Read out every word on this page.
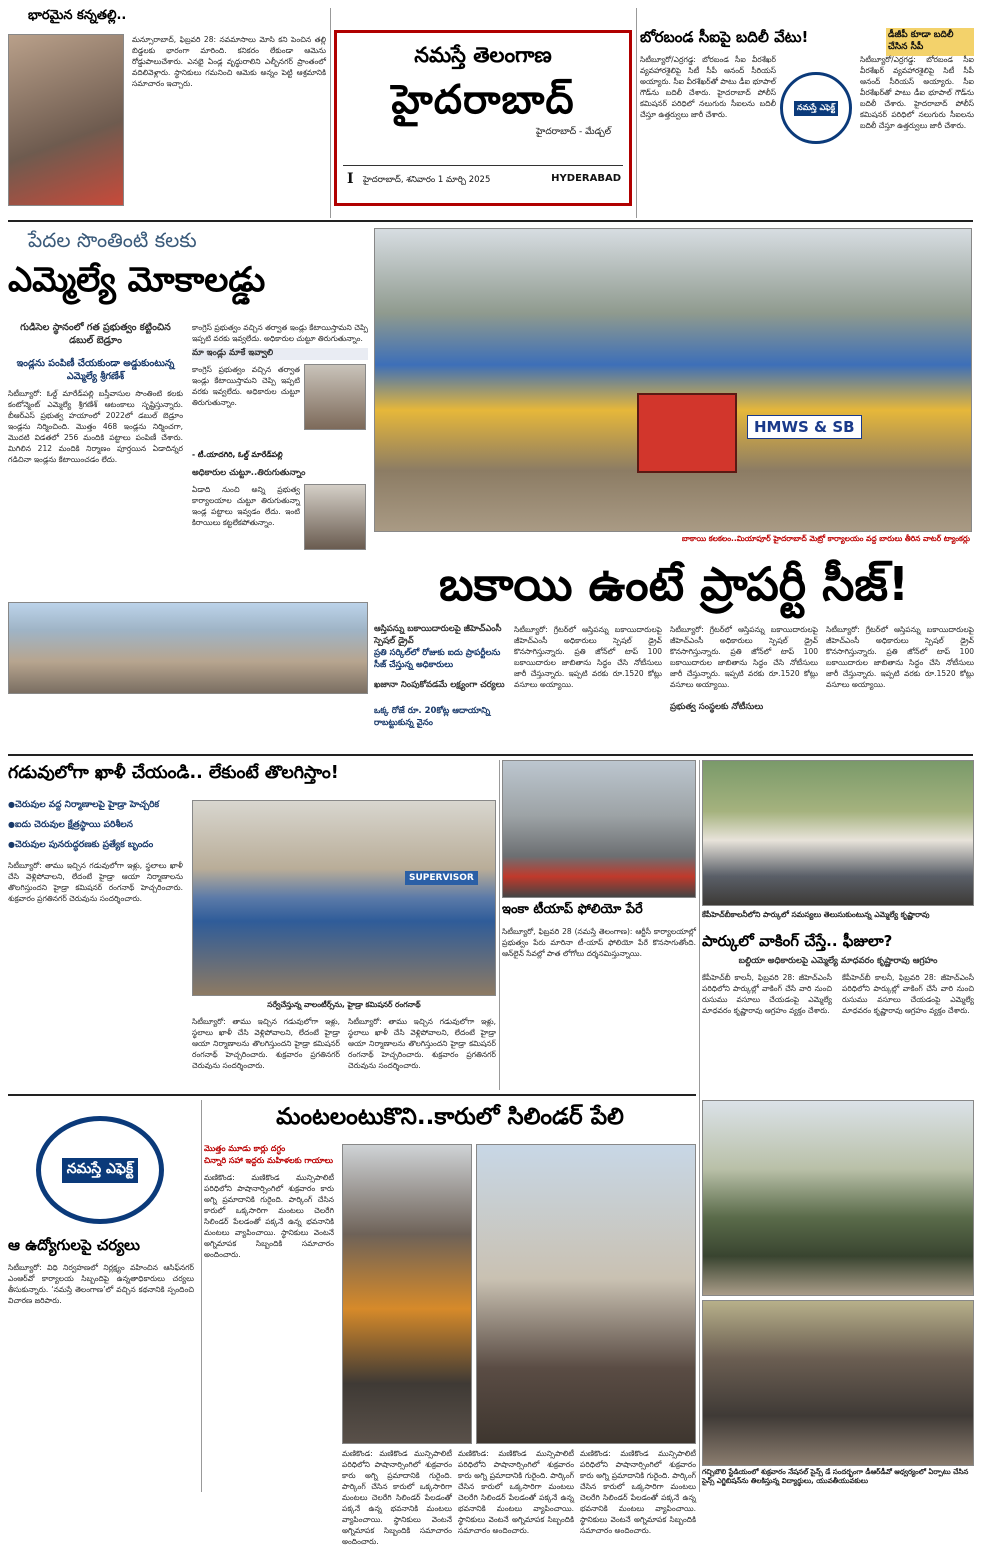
భారమైన కన్నతల్లి..
మన్సూరాబాద్, ఫిబ్రవరి 28: నవమాసాలు మోసి కని పెంచిన తల్లి బిడ్డలకు భారంగా మారింది. కనికరం లేకుండా ఆమెను రోడ్డుపాలుచేశారు. ఎనభై ఏండ్ల వృద్ధురాలిని ఎల్బీనగర్ ప్రాంతంలో వదిలివెళ్లారు. స్థానికులు గమనించి ఆమెకు అన్నం పెట్టి ఆశ్రమానికి సమాచారం ఇచ్చారు.
నమస్తే తెలంగాణ
హైదరాబాద్
హైదరాబాద్ - మేడ్చల్
I హైదరాబాద్, శనివారం 1 మార్చి 2025	HYDERABAD
బోరబండ సీఐపై బదిలీ వేటు!	డీజీపీ కూడా బదిలీ చేసిన సీపీ
నమస్తే ఎఫెక్ట్
సిటీబ్యూరో/ఎర్రగడ్డ: బోరబండ సీఐ వీరశేఖర్ వ్యవహారశైలిపై సిటీ సీపీ ఆనంద్ సీరియస్ అయ్యారు. సీఐ వీరశేఖర్‌తో పాటు డీఐ భూపాల్ గౌడ్‌ను బదిలీ చేశారు. హైదరాబాద్ పోలీస్ కమిషనర్ పరిధిలో నలుగురు సీఐలను బదిలీ చేస్తూ ఉత్తర్వులు జారీ చేశారు.
సిటీబ్యూరో/ఎర్రగడ్డ: బోరబండ సీఐ వీరశేఖర్ వ్యవహారశైలిపై సిటీ సీపీ ఆనంద్ సీరియస్ అయ్యారు. సీఐ వీరశేఖర్‌తో పాటు డీఐ భూపాల్ గౌడ్‌ను బదిలీ చేశారు. హైదరాబాద్ పోలీస్ కమిషనర్ పరిధిలో నలుగురు సీఐలను బదిలీ చేస్తూ ఉత్తర్వులు జారీ చేశారు.
పేదల సొంతింటి కలకు
ఎమ్మెల్యే మోకాలడ్డు
గుడిసెల స్థానంలో గత ప్రభుత్వం కట్టించిన డబుల్ బెడ్రూం
ఇండ్లను పంపిణీ చేయకుండా అడ్డుకుంటున్న ఎమ్మెల్యే శ్రీగణేశ్
సిటీబ్యూరో: ఓల్డ్ మారేడ్‌పల్లి బస్తీవాసుల సొంతింటి కలకు కంటోన్మెంట్ ఎమ్మెల్యే శ్రీగణేశ్ ఆటంకాలు సృష్టిస్తున్నారు. బీఆర్‌ఎస్ ప్రభుత్వ హయాంలో 2022లో డబుల్ బెడ్రూం ఇండ్లను నిర్మించింది. మొత్తం 468 ఇండ్లను నిర్మించగా, మొదటి విడతలో 256 మందికి పట్టాలు పంపిణీ చేశారు. మిగిలిన 212 మందికి నిర్మాణం పూర్తయిన ఏడాదిన్నర గడిచినా ఇండ్లను కేటాయించడం లేదు.
కాంగ్రెస్ ప్రభుత్వం వచ్చిన తర్వాత ఇండ్లు కేటాయిస్తామని చెప్పి ఇప్పటి వరకు ఇవ్వలేదు. అధికారుల చుట్టూ తిరుగుతున్నాం.
మా ఇండ్లు మాకే ఇవ్వాలి
కాంగ్రెస్ ప్రభుత్వం వచ్చిన తర్వాత ఇండ్లు కేటాయిస్తామని చెప్పి ఇప్పటి వరకు ఇవ్వలేదు. అధికారుల చుట్టూ తిరుగుతున్నాం.
- టీ.యాదగిరి, ఓల్డ్ మారేడ్‌పల్లి
అధికారుల చుట్టూ..తిరుగుతున్నాం
ఏడాది నుంచి అన్ని ప్రభుత్వ కార్యాలయాల చుట్టూ తిరుగుతున్నా ఇండ్ల పట్టాలు ఇవ్వడం లేదు. ఇంటి కిరాయిలు కట్టలేకపోతున్నాం.
HMWS & SB
బాకాయి కలకలం..మియాపూర్ హైదరాబాద్ మెట్రో కార్యాలయం వద్ద బారులు తీరిన వాటర్ ట్యాంకర్లు
బకాయి ఉంటే ప్రాపర్టీ సీజ్!
ఆస్తిపన్ను బకాయిదారులపై జీహెచ్‌ఎంసీ స్పెషల్ డ్రైవ్
ప్రతి సర్కిల్‌లో రోజుకు ఐదు ప్రాపర్టీలను సీజ్ చేస్తున్న అధికారులు
ఖజానా నింపుకోవడమే లక్ష్యంగా చర్యలు
ఒక్క రోజే రూ. 20కోట్ల ఆదాయాన్ని రాబట్టుకున్న వైనం
సిటీబ్యూరో: గ్రేటర్‌లో ఆస్తిపన్ను బకాయిదారులపై జీహెచ్‌ఎంసీ అధికారులు స్పెషల్ డ్రైవ్ కొనసాగిస్తున్నారు. ప్రతి జోన్‌లో టాప్ 100 బకాయిదారుల జాబితాను సిద్ధం చేసి నోటీసులు జారీ చేస్తున్నారు. ఇప్పటి వరకు రూ.1520 కోట్లు వసూలు అయ్యాయి.
సిటీబ్యూరో: గ్రేటర్‌లో ఆస్తిపన్ను బకాయిదారులపై జీహెచ్‌ఎంసీ అధికారులు స్పెషల్ డ్రైవ్ కొనసాగిస్తున్నారు. ప్రతి జోన్‌లో టాప్ 100 బకాయిదారుల జాబితాను సిద్ధం చేసి నోటీసులు జారీ చేస్తున్నారు. ఇప్పటి వరకు రూ.1520 కోట్లు వసూలు అయ్యాయి.
ప్రభుత్వ సంస్థలకు నోటీసులు
సిటీబ్యూరో: గ్రేటర్‌లో ఆస్తిపన్ను బకాయిదారులపై జీహెచ్‌ఎంసీ అధికారులు స్పెషల్ డ్రైవ్ కొనసాగిస్తున్నారు. ప్రతి జోన్‌లో టాప్ 100 బకాయిదారుల జాబితాను సిద్ధం చేసి నోటీసులు జారీ చేస్తున్నారు. ఇప్పటి వరకు రూ.1520 కోట్లు వసూలు అయ్యాయి.
గడువులోగా ఖాళీ చేయండి.. లేకుంటే తొలగిస్తాం!
● చెరువుల వద్ద నిర్మాణాలపై హైడ్రా హెచ్చరిక
● ఐదు చెరువుల క్షేత్రస్థాయి పరిశీలన
● చెరువుల పునరుద్ధరణకు ప్రత్యేక బృందం
సిటీబ్యూరో: తాము ఇచ్చిన గడువులోగా ఇళ్లు, స్థలాలు ఖాళీ చేసి వెళ్లిపోవాలని, లేదంటే హైడ్రా ఆయా నిర్మాణాలను తొలగిస్తుందని హైడ్రా కమిషనర్ రంగనాథ్ హెచ్చరించారు. శుక్రవారం ప్రగతినగర్ చెరువును సందర్శించారు.
SUPERVISOR
సర్వేచేస్తున్న వాలంటీర్స్‌ను, హైడ్రా కమిషనర్ రంగనాథ్
సిటీబ్యూరో: తాము ఇచ్చిన గడువులోగా ఇళ్లు, స్థలాలు ఖాళీ చేసి వెళ్లిపోవాలని, లేదంటే హైడ్రా ఆయా నిర్మాణాలను తొలగిస్తుందని హైడ్రా కమిషనర్ రంగనాథ్ హెచ్చరించారు. శుక్రవారం ప్రగతినగర్ చెరువును సందర్శించారు.
సిటీబ్యూరో: తాము ఇచ్చిన గడువులోగా ఇళ్లు, స్థలాలు ఖాళీ చేసి వెళ్లిపోవాలని, లేదంటే హైడ్రా ఆయా నిర్మాణాలను తొలగిస్తుందని హైడ్రా కమిషనర్ రంగనాథ్ హెచ్చరించారు. శుక్రవారం ప్రగతినగర్ చెరువును సందర్శించారు.
ఇంకా టీయాప్ ఫోలియో పేరే
సిటీబ్యూరో, ఫిబ్రవరి 28 (నమస్తే తెలంగాణ): ఆర్టీసీ కార్యాలయాల్లో ప్రభుత్వం పేరు మారినా టీ-యాప్ ఫోలియో పేరే కొనసాగుతోంది. ఆన్‌లైన్ సేవల్లో పాత లోగోలు దర్శనమిస్తున్నాయి.
కేపీహెచ్‌బీకాలనీలోని పార్కులో సమస్యలు తెలుసుకుంటున్న ఎమ్మెల్యే కృష్ణారావు
పార్కులో వాకింగ్ చేస్తే.. ఫీజులా?
బల్దియా అధికారులపై ఎమ్మెల్యే మాధవరం కృష్ణారావు ఆగ్రహం
కేపీహెచ్‌బీ కాలనీ, ఫిబ్రవరి 28: జీహెచ్‌ఎంసీ పరిధిలోని పార్కుల్లో వాకింగ్ చేసే వారి నుంచి రుసుము వసూలు చేయడంపై ఎమ్మెల్యే మాధవరం కృష్ణారావు ఆగ్రహం వ్యక్తం చేశారు.
కేపీహెచ్‌బీ కాలనీ, ఫిబ్రవరి 28: జీహెచ్‌ఎంసీ పరిధిలోని పార్కుల్లో వాకింగ్ చేసే వారి నుంచి రుసుము వసూలు చేయడంపై ఎమ్మెల్యే మాధవరం కృష్ణారావు ఆగ్రహం వ్యక్తం చేశారు.
నమస్తే ఎఫెక్ట్
ఆ ఉద్యోగులపై చర్యలు
సిటీబ్యూరో: విధి నిర్వహణలో నిర్లక్ష్యం వహించిన ఆసిఫ్‌నగర్ ఎంఆర్‌వో కార్యాలయ సిబ్బందిపై ఉన్నతాధికారులు చర్యలు తీసుకున్నారు. ‘నమస్తే తెలంగాణ’లో వచ్చిన కథనానికి స్పందించి విచారణ జరిపారు.
మంటలంటుకొని..కారులో సిలిండర్ పేలి
మొత్తం మూడు కార్లు దగ్ధం
చిన్నారి సహా ఇద్దరు మహిళలకు గాయాలు
మణికొండ: మణికొండ మున్సిపాలిటీ పరిధిలోని పాషానార్సింగిలో శుక్రవారం కారు అగ్ని ప్రమాదానికి గురైంది. పార్కింగ్ చేసిన కారులో ఒక్కసారిగా మంటలు చెలరేగి సిలిండర్ పేలడంతో పక్కనే ఉన్న భవనానికి మంటలు వ్యాపించాయి. స్థానికులు వెంటనే అగ్నిమాపక సిబ్బందికి సమాచారం అందించారు.
మణికొండ: మణికొండ మున్సిపాలిటీ పరిధిలోని పాషానార్సింగిలో శుక్రవారం కారు అగ్ని ప్రమాదానికి గురైంది. పార్కింగ్ చేసిన కారులో ఒక్కసారిగా మంటలు చెలరేగి సిలిండర్ పేలడంతో పక్కనే ఉన్న భవనానికి మంటలు వ్యాపించాయి. స్థానికులు వెంటనే అగ్నిమాపక సిబ్బందికి సమాచారం అందించారు.
మణికొండ: మణికొండ మున్సిపాలిటీ పరిధిలోని పాషానార్సింగిలో శుక్రవారం కారు అగ్ని ప్రమాదానికి గురైంది. పార్కింగ్ చేసిన కారులో ఒక్కసారిగా మంటలు చెలరేగి సిలిండర్ పేలడంతో పక్కనే ఉన్న భవనానికి మంటలు వ్యాపించాయి. స్థానికులు వెంటనే అగ్నిమాపక సిబ్బందికి సమాచారం అందించారు.
మణికొండ: మణికొండ మున్సిపాలిటీ పరిధిలోని పాషానార్సింగిలో శుక్రవారం కారు అగ్ని ప్రమాదానికి గురైంది. పార్కింగ్ చేసిన కారులో ఒక్కసారిగా మంటలు చెలరేగి సిలిండర్ పేలడంతో పక్కనే ఉన్న భవనానికి మంటలు వ్యాపించాయి. స్థానికులు వెంటనే అగ్నిమాపక సిబ్బందికి సమాచారం అందించారు.
గచ్చిబౌలి స్టేడియంలో శుక్రవారం నేషనల్ సైన్స్ డే సందర్భంగా డీఆర్‌డీవో ఆధ్వర్యంలో ఏర్పాటు చేసిన సైన్స్ ఎగ్జిబిషన్‌ను తిలకిస్తున్న విద్యార్థులు, యువతీయువకులు
